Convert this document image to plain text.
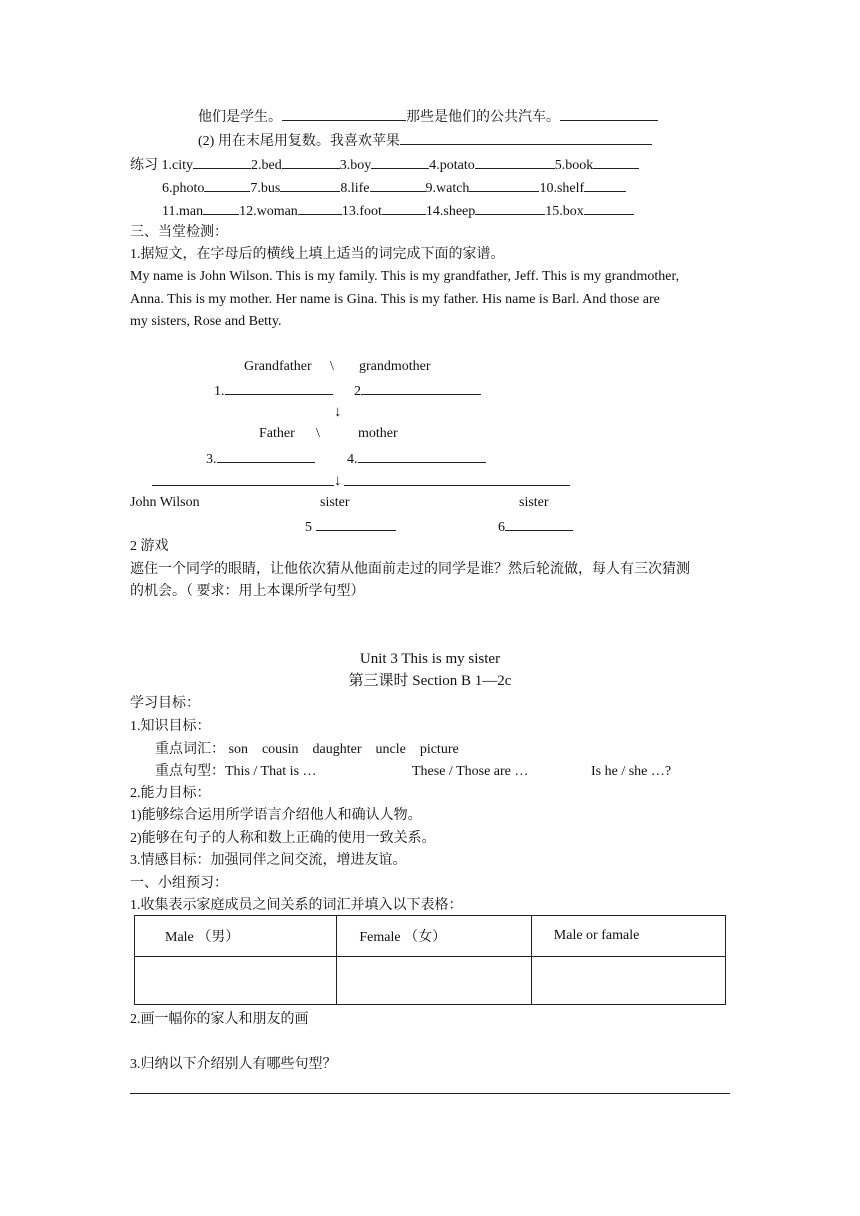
他们是学生。	那些是他们的公共汽车。
(2) 用在末尾用复数。我喜欢苹果
练习 1.city	2.bed	3.boy	4.potato	5.book
6.photo	7.bus	8.life	9.watch	10.shelf
11.man	12.woman	13.foot	14.sheep	15.box
三、当堂检测：
1.据短文，在字母后的横线上填上适当的词完成下面的家谱。
My name is John Wilson. This is my family. This is my grandfather, Jeff. This is my grandmother,
Anna. This is my mother. Her name is Gina. This is my father. His name is Barl. And those are
my sisters, Rose and Betty.
Grandfather \ grandmother
1.	2
↓
Father \	mother
3.	4.
↓
John Wilson	sister	sister
5	6
2 游戏
遮住一个同学的眼睛，让他依次猜从他面前走过的同学是谁？然后轮流做，每人有三次猜测
的机会。（ 要求：用上本课所学句型）
Unit 3 This is my sister
第三课时 Section B 1—2c
学习目标：
1.知识目标：
重点词汇： son cousin daughter uncle picture
重点句型：This / That is …	These / Those are …	Is he / she …?
2.能力目标：
1)能够综合运用所学语言介绍他人和确认人物。
2)能够在句子的人称和数上正确的使用一致关系。
3.情感目标：加强同伴之间交流，增进友谊。
一、小组预习：
1.收集表示家庭成员之间关系的词汇并填入以下表格：
Male （男）	Female （女）	Male or famale

2.画一幅你的家人和朋友的画
3.归纳以下介绍别人有哪些句型？
